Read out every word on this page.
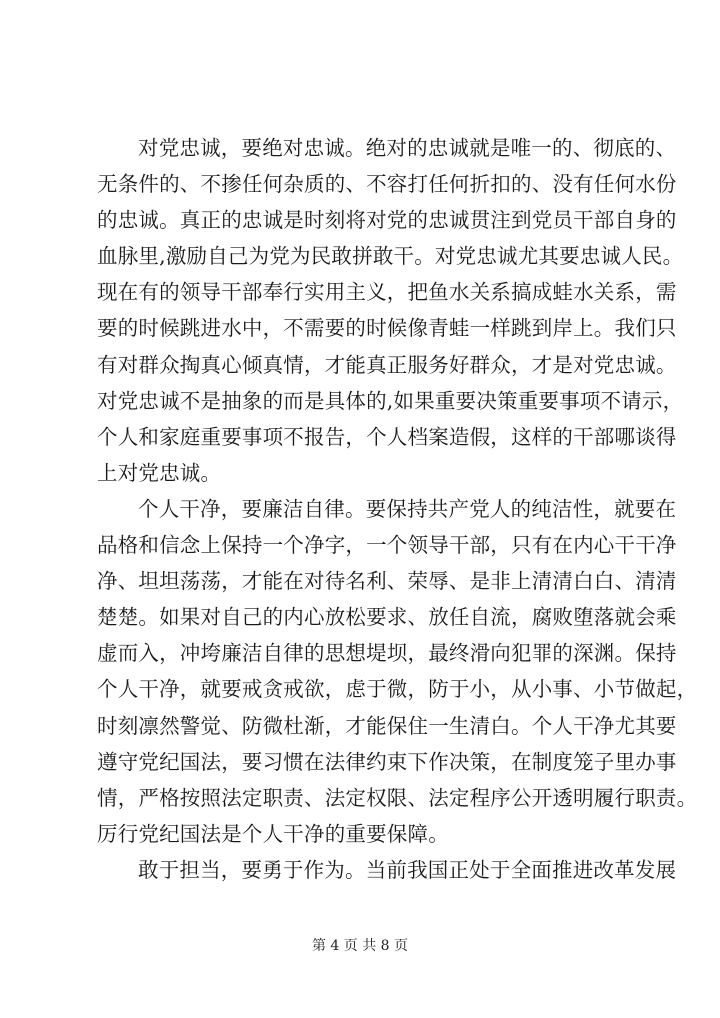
对党忠诚，要绝对忠诚。绝对的忠诚就是唯一的、彻底的、
无条件的、不掺任何杂质的、不容打任何折扣的、没有任何水份
的忠诚。真正的忠诚是时刻将对党的忠诚贯注到党员干部自身的
血脉里,激励自己为党为民敢拼敢干。对党忠诚尤其要忠诚人民。
现在有的领导干部奉行实用主义，把鱼水关系搞成蛙水关系，需
要的时候跳进水中，不需要的时候像青蛙一样跳到岸上。我们只
有对群众掏真心倾真情，才能真正服务好群众，才是对党忠诚。
对党忠诚不是抽象的而是具体的,如果重要决策重要事项不请示，
个人和家庭重要事项不报告，个人档案造假，这样的干部哪谈得
上对党忠诚。
个人干净，要廉洁自律。要保持共产党人的纯洁性，就要在
品格和信念上保持一个净字，一个领导干部，只有在内心干干净
净、坦坦荡荡，才能在对待名利、荣辱、是非上清清白白、清清
楚楚。如果对自己的内心放松要求、放任自流，腐败堕落就会乘
虚而入，冲垮廉洁自律的思想堤坝，最终滑向犯罪的深渊。保持
个人干净，就要戒贪戒欲，虑于微，防于小，从小事、小节做起，
时刻凛然警觉、防微杜渐，才能保住一生清白。个人干净尤其要
遵守党纪国法，要习惯在法律约束下作决策，在制度笼子里办事
情，严格按照法定职责、法定权限、法定程序公开透明履行职责。
厉行党纪国法是个人干净的重要保障。
敢于担当，要勇于作为。当前我国正处于全面推进改革发展
第 4 页 共 8 页
